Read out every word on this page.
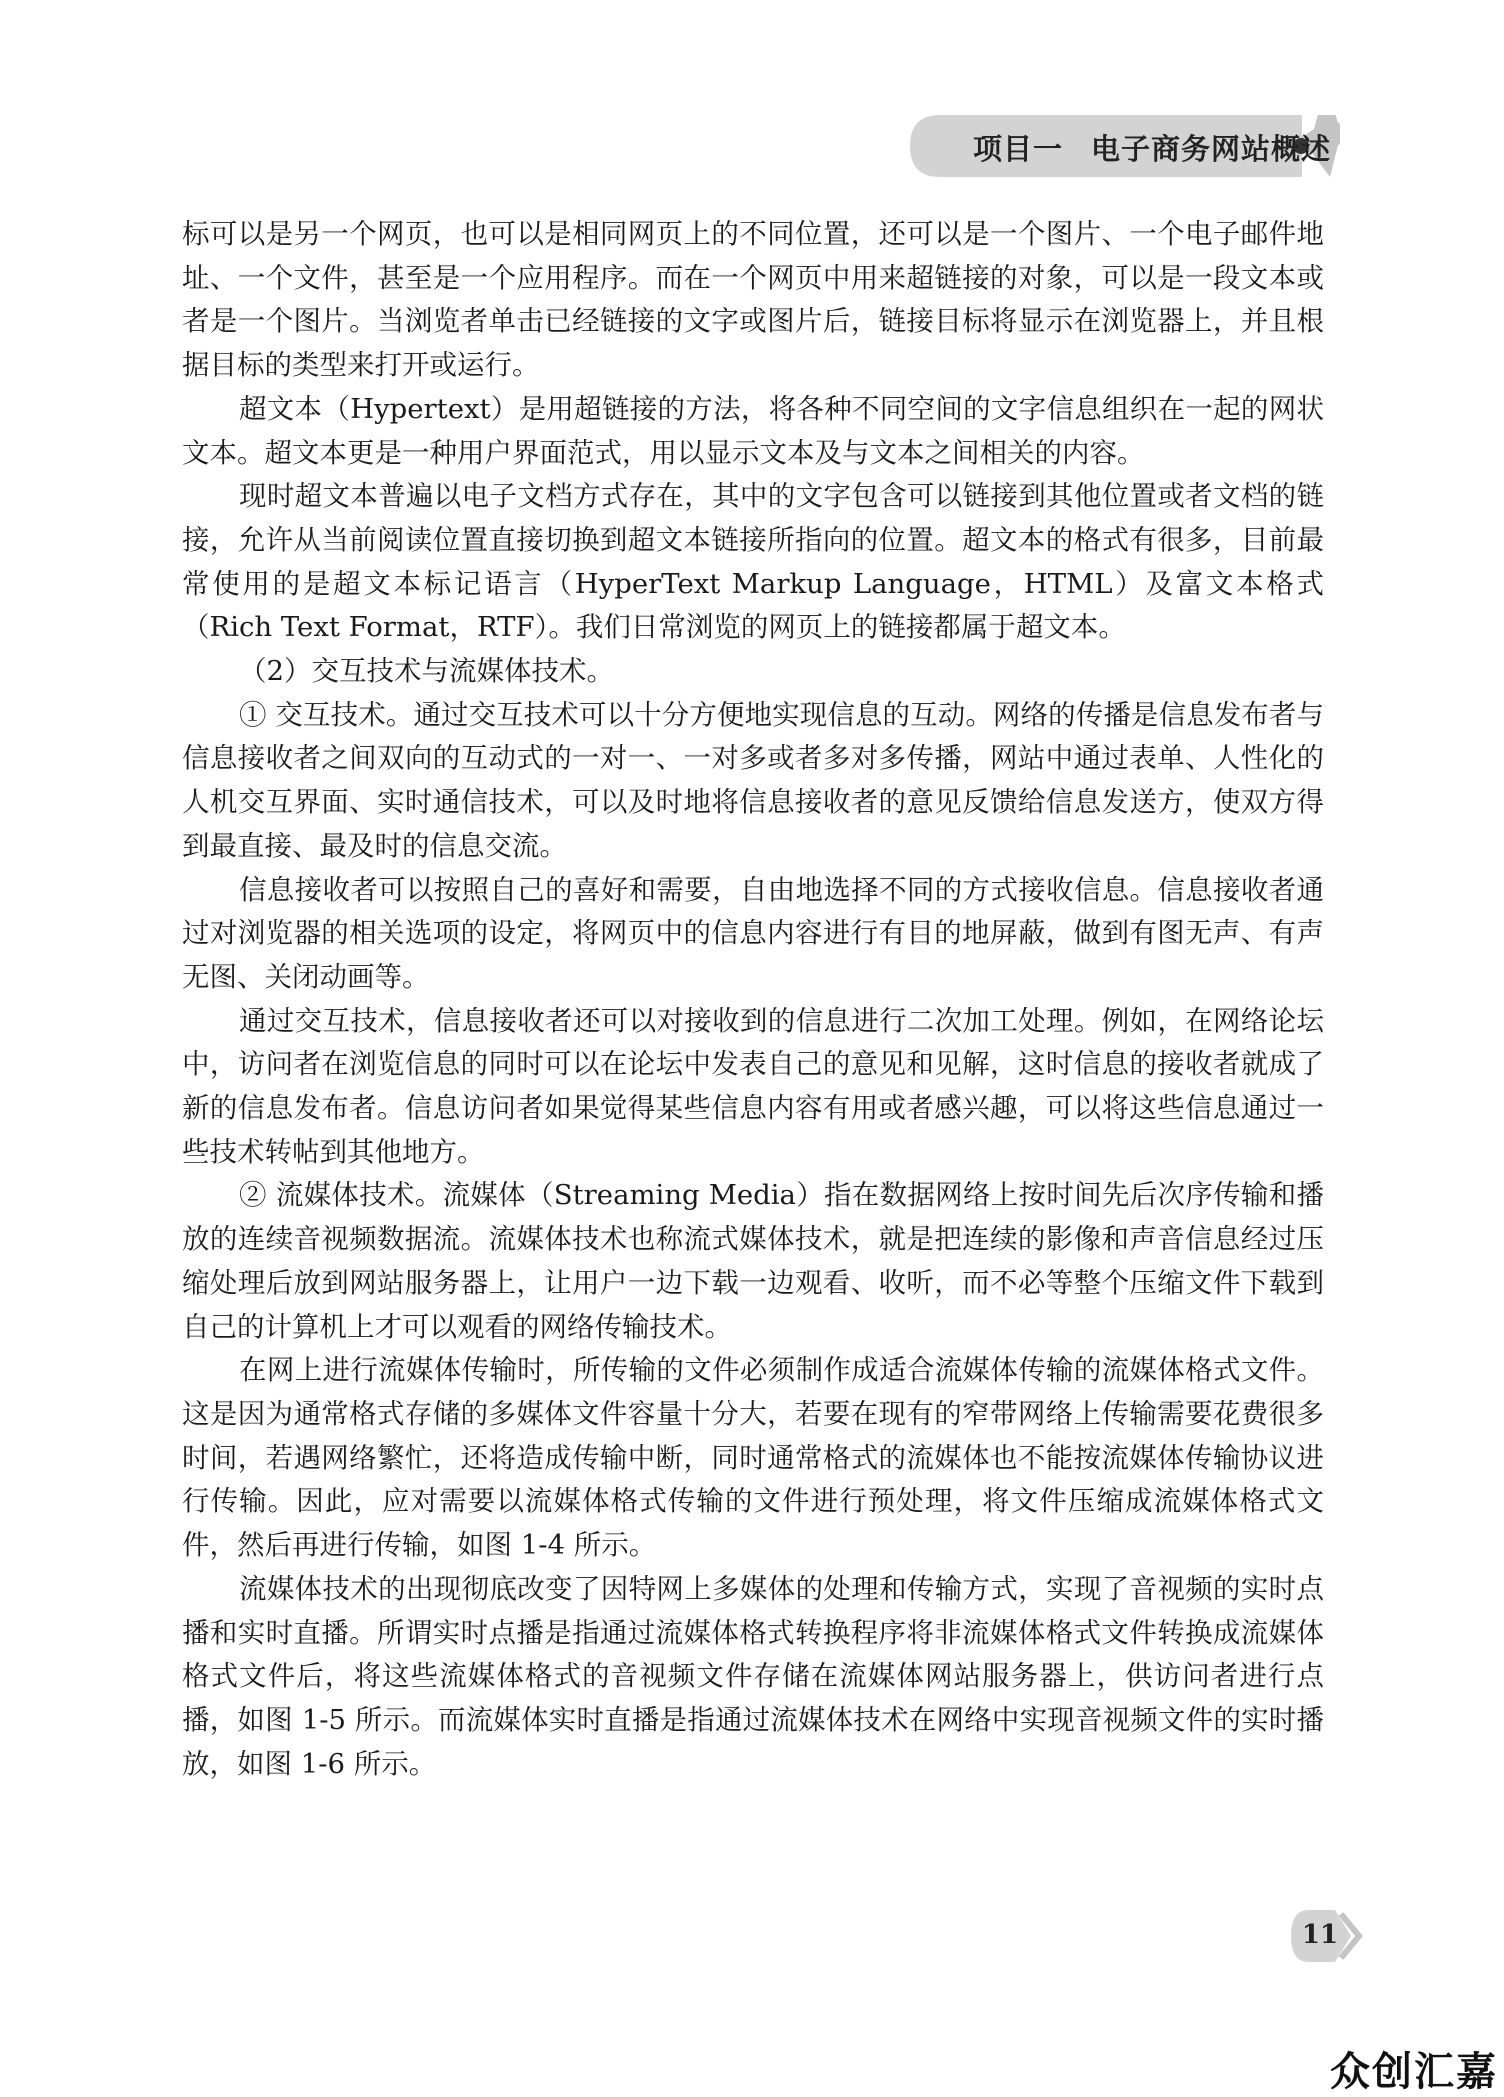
项目一 电子商务网站概述

标可以是另一个网页，也可以是相同网页上的不同位置，还可以是一个图片、一个电子邮件地址、一个文件，甚至是一个应用程序。而在一个网页中用来超链接的对象，可以是一段文本或者是一个图片。当浏览者单击已经链接的文字或图片后，链接目标将显示在浏览器上，并且根据目标的类型来打开或运行。

超文本（Hypertext）是用超链接的方法，将各种不同空间的文字信息组织在一起的网状文本。超文本更是一种用户界面范式，用以显示文本及与文本之间相关的内容。

现时超文本普遍以电子文档方式存在，其中的文字包含可以链接到其他位置或者文档的链接，允许从当前阅读位置直接切换到超文本链接所指向的位置。超文本的格式有很多，目前最常使用的是超文本标记语言（HyperText Markup Language，HTML）及富文本格式（Rich Text Format，RTF）。我们日常浏览的网页上的链接都属于超文本。

（2）交互技术与流媒体技术。

① 交互技术。通过交互技术可以十分方便地实现信息的互动。网络的传播是信息发布者与信息接收者之间双向的互动式的一对一、一对多或者多对多传播，网站中通过表单、人性化的人机交互界面、实时通信技术，可以及时地将信息接收者的意见反馈给信息发送方，使双方得到最直接、最及时的信息交流。

信息接收者可以按照自己的喜好和需要，自由地选择不同的方式接收信息。信息接收者通过对浏览器的相关选项的设定，将网页中的信息内容进行有目的地屏蔽，做到有图无声、有声无图、关闭动画等。

通过交互技术，信息接收者还可以对接收到的信息进行二次加工处理。例如，在网络论坛中，访问者在浏览信息的同时可以在论坛中发表自己的意见和见解，这时信息的接收者就成了新的信息发布者。信息访问者如果觉得某些信息内容有用或者感兴趣，可以将这些信息通过一些技术转帖到其他地方。

② 流媒体技术。流媒体（Streaming Media）指在数据网络上按时间先后次序传输和播放的连续音视频数据流。流媒体技术也称流式媒体技术，就是把连续的影像和声音信息经过压缩处理后放到网站服务器上，让用户一边下载一边观看、收听，而不必等整个压缩文件下载到自己的计算机上才可以观看的网络传输技术。

在网上进行流媒体传输时，所传输的文件必须制作成适合流媒体传输的流媒体格式文件。这是因为通常格式存储的多媒体文件容量十分大，若要在现有的窄带网络上传输需要花费很多时间，若遇网络繁忙，还将造成传输中断，同时通常格式的流媒体也不能按流媒体传输协议进行传输。因此，应对需要以流媒体格式传输的文件进行预处理，将文件压缩成流媒体格式文件，然后再进行传输，如图 1-4 所示。

流媒体技术的出现彻底改变了因特网上多媒体的处理和传输方式，实现了音视频的实时点播和实时直播。所谓实时点播是指通过流媒体格式转换程序将非流媒体格式文件转换成流媒体格式文件后，将这些流媒体格式的音视频文件存储在流媒体网站服务器上，供访问者进行点播，如图 1-5 所示。而流媒体实时直播是指通过流媒体技术在网络中实现音视频文件的实时播放，如图 1-6 所示。

11
众创汇嘉
